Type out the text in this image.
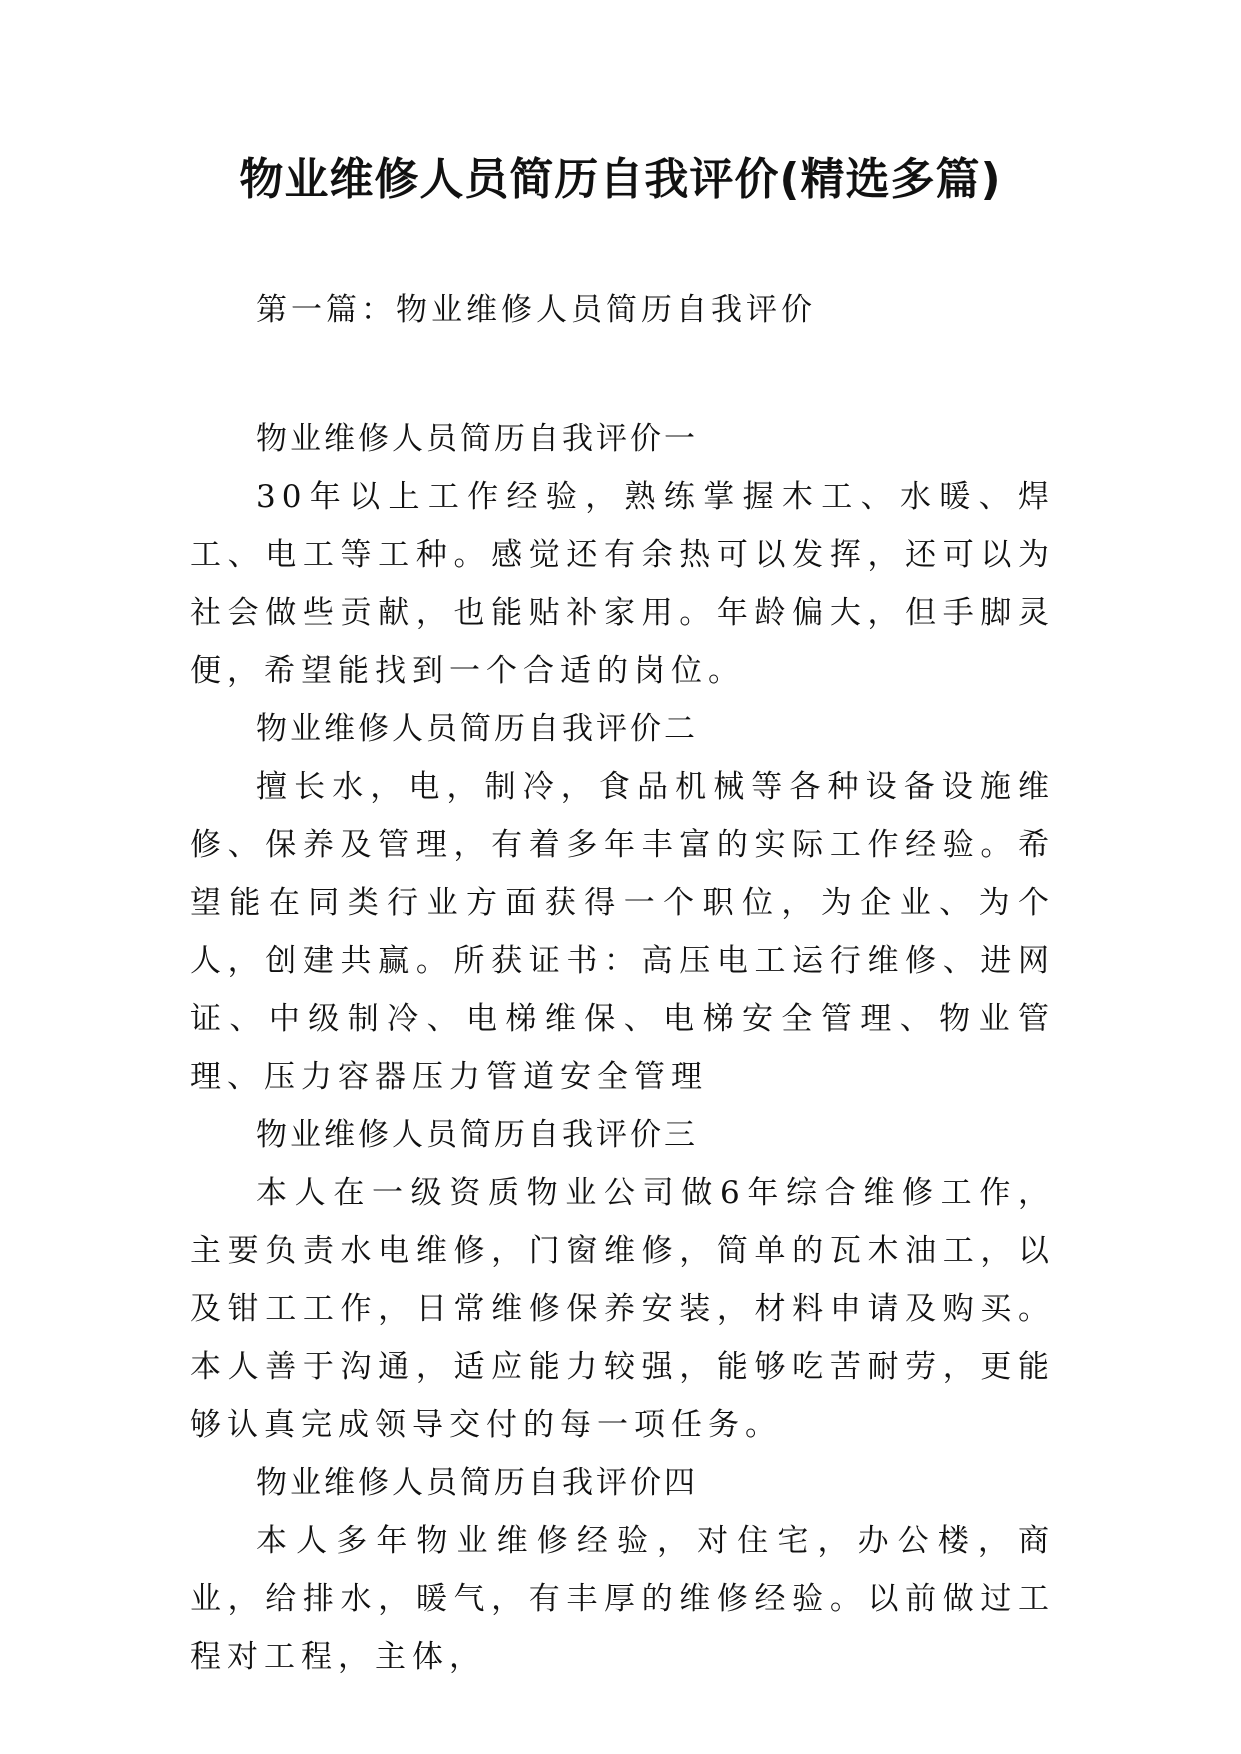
物业维修人员简历自我评价(精选多篇)

第一篇：物业维修人员简历自我评价

物业维修人员简历自我评价一

30年以上工作经验，熟练掌握木工、水暖、焊工、电工等工种。感觉还有余热可以发挥，还可以为社会做些贡献，也能贴补家用。年龄偏大，但手脚灵便，希望能找到一个合适的岗位。

物业维修人员简历自我评价二

擅长水，电，制冷，食品机械等各种设备设施维修、保养及管理，有着多年丰富的实际工作经验。希望能在同类行业方面获得一个职位，为企业、为个人，创建共赢。所获证书：高压电工运行维修、进网证、中级制冷、电梯维保、电梯安全管理、物业管理、压力容器压力管道安全管理

物业维修人员简历自我评价三

本人在一级资质物业公司做6年综合维修工作，主要负责水电维修，门窗维修，简单的瓦木油工，以及钳工工作，日常维修保养安装，材料申请及购买。本人善于沟通，适应能力较强，能够吃苦耐劳，更能够认真完成领导交付的每一项任务。

物业维修人员简历自我评价四

本人多年物业维修经验，对住宅，办公楼，商业，给排水，暖气，有丰厚的维修经验。以前做过工程对工程，主体，
